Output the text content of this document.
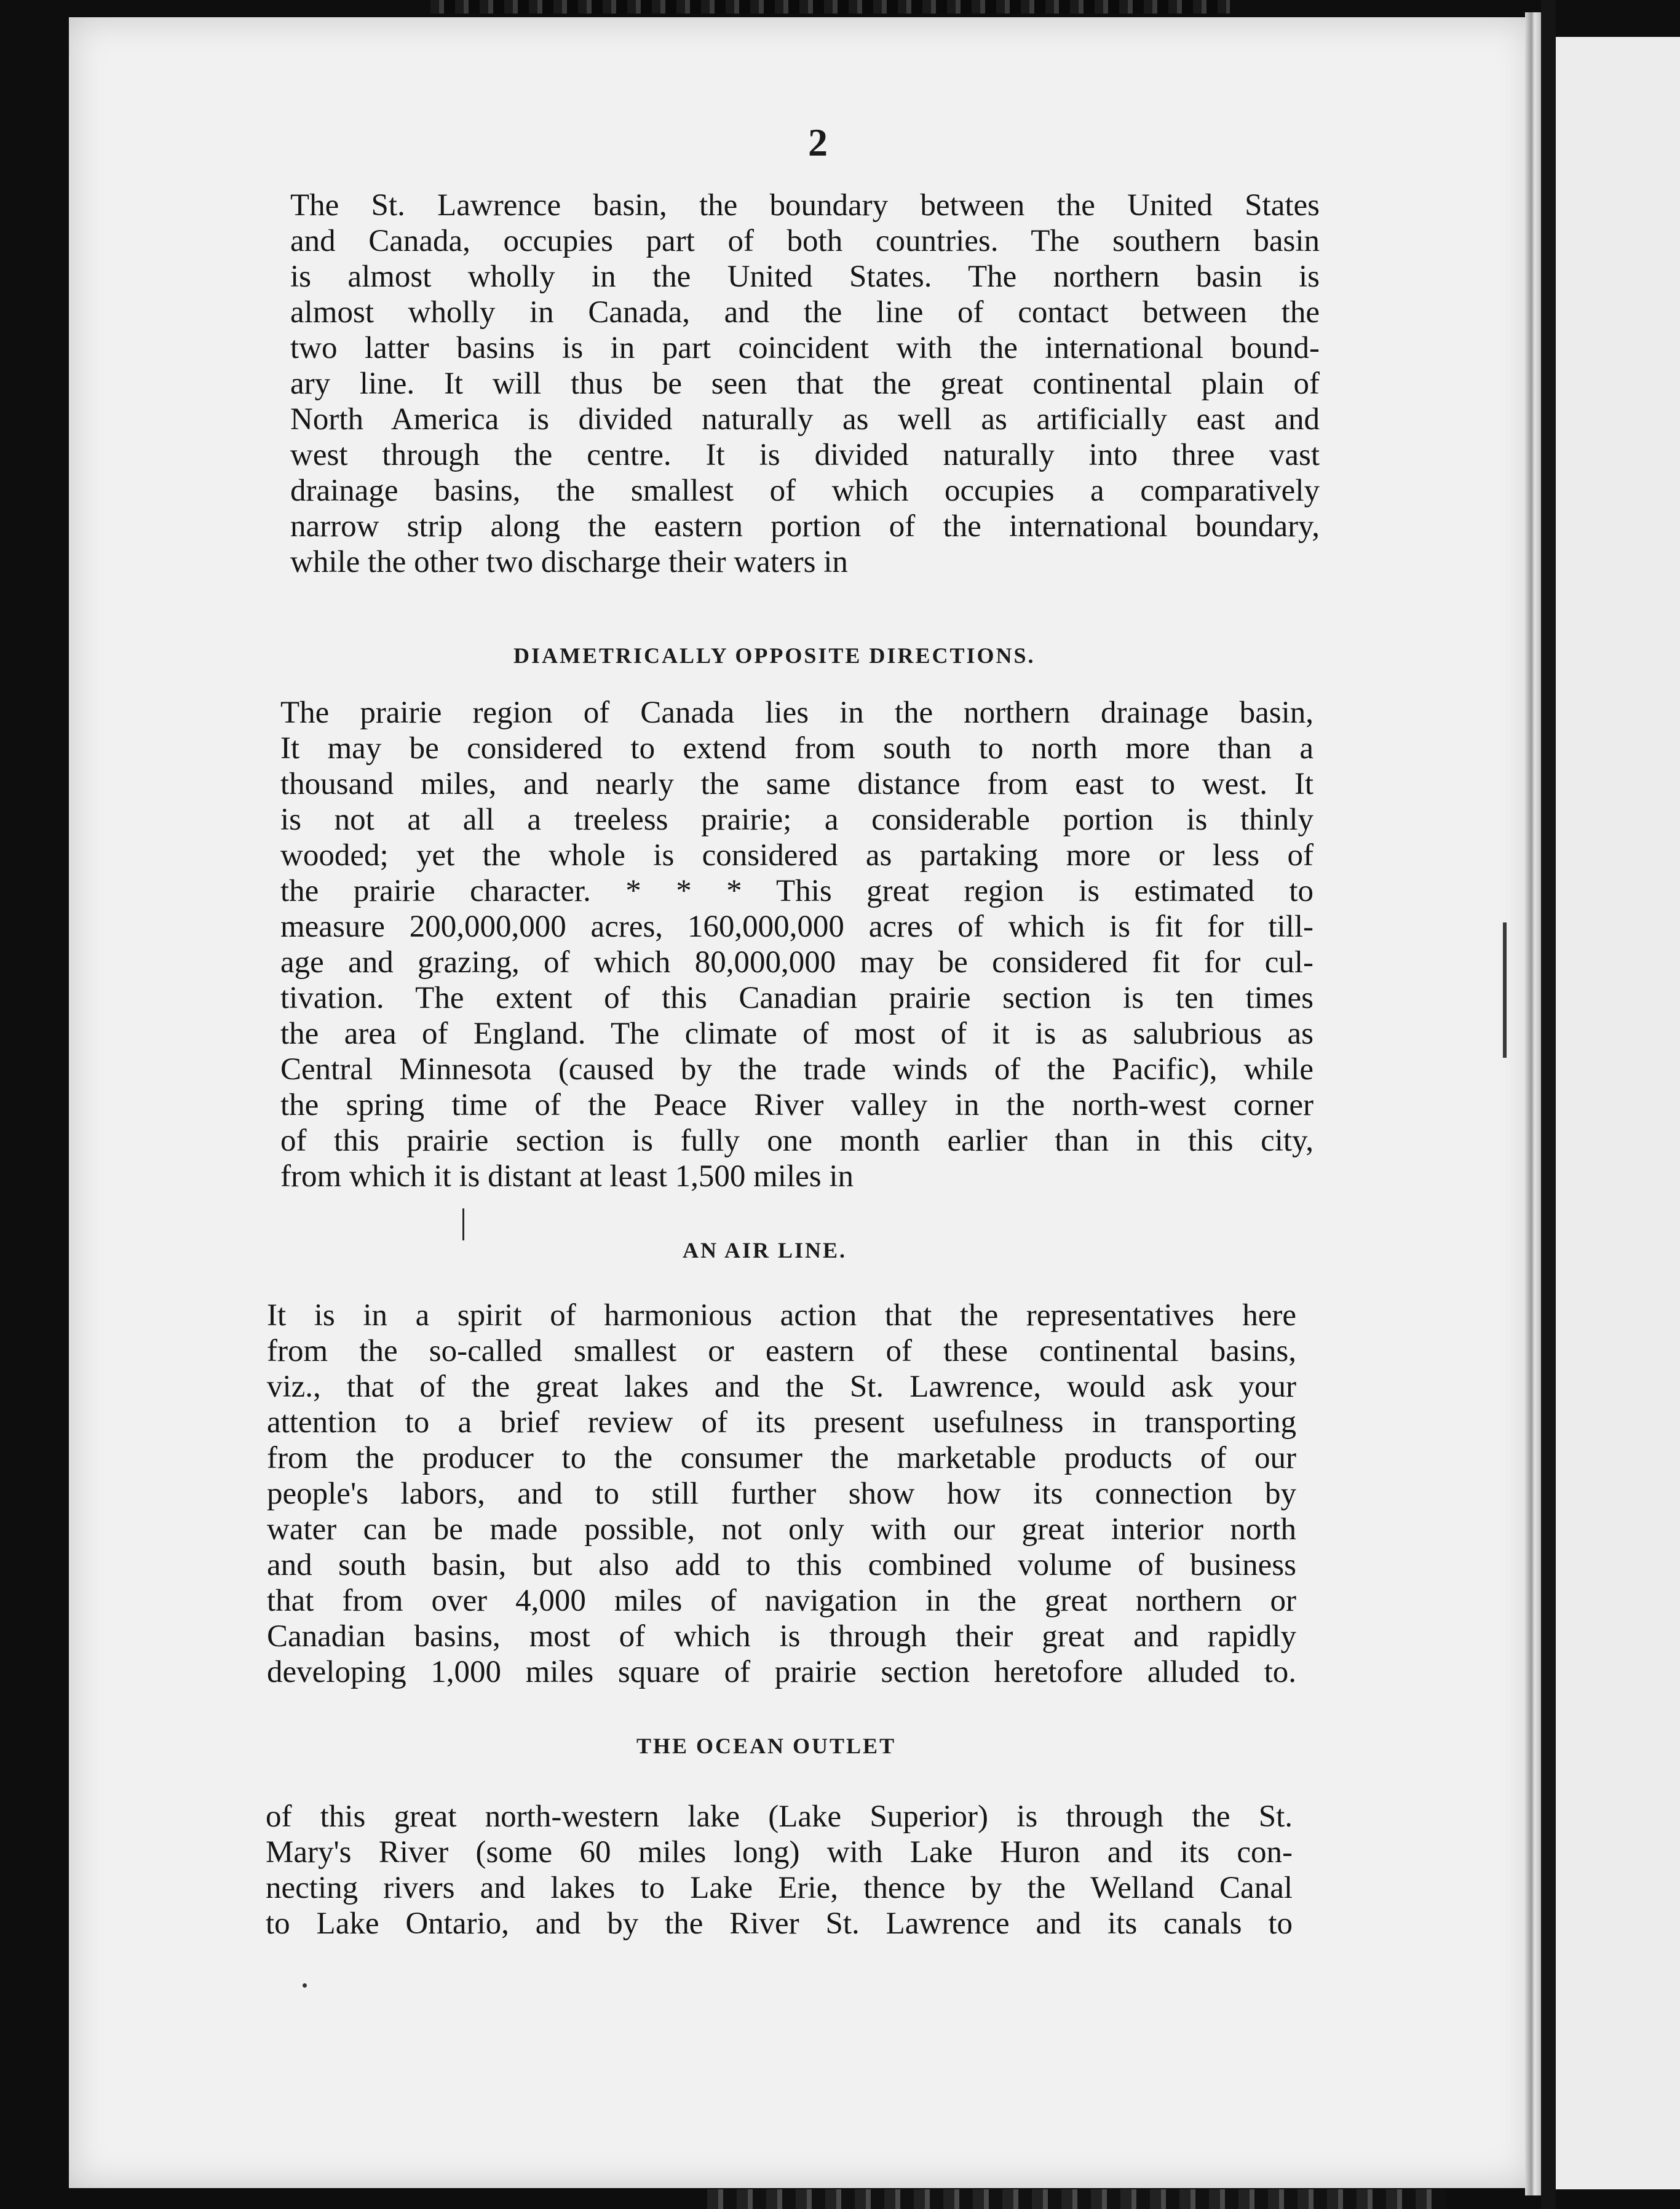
2
The St. Lawrence basin, the boundary between the United States
and Canada, occupies part of both countries. The southern basin
is almost wholly in the United States. The northern basin is
almost wholly in Canada, and the line of contact between the
two latter basins is in part coincident with the international bound-
ary line. It will thus be seen that the great continental plain of
North America is divided naturally as well as artificially east and
west through the centre. It is divided naturally into three vast
drainage basins, the smallest of which occupies a comparatively
narrow strip along the eastern portion of the international boundary,
while the other two discharge their waters in
DIAMETRICALLY OPPOSITE DIRECTIONS.
The prairie region of Canada lies in the northern drainage basin,
It may be considered to extend from south to north more than a
thousand miles, and nearly the same distance from east to west. It
is not at all a treeless prairie; a considerable portion is thinly
wooded; yet the whole is considered as partaking more or less of
the prairie character. * * * This great region is estimated to
measure 200,000,000 acres, 160,000,000 acres of which is fit for till-
age and grazing, of which 80,000,000 may be considered fit for cul-
tivation. The extent of this Canadian prairie section is ten times
the area of England. The climate of most of it is as salubrious as
Central Minnesota (caused by the trade winds of the Pacific), while
the spring time of the Peace River valley in the north-west corner
of this prairie section is fully one month earlier than in this city,
from which it is distant at least 1,500 miles in
AN AIR LINE.
It is in a spirit of harmonious action that the representatives here
from the so-called smallest or eastern of these continental basins,
viz., that of the great lakes and the St. Lawrence, would ask your
attention to a brief review of its present usefulness in transporting
from the producer to the consumer the marketable products of our
people's labors, and to still further show how its connection by
water can be made possible, not only with our great interior north
and south basin, but also add to this combined volume of business
that from over 4,000 miles of navigation in the great northern or
Canadian basins, most of which is through their great and rapidly
developing 1,000 miles square of prairie section heretofore alluded to.
THE OCEAN OUTLET
of this great north-western lake (Lake Superior) is through the St.
Mary's River (some 60 miles long) with Lake Huron and its con-
necting rivers and lakes to Lake Erie, thence by the Welland Canal
to Lake Ontario, and by the River St. Lawrence and its canals to
